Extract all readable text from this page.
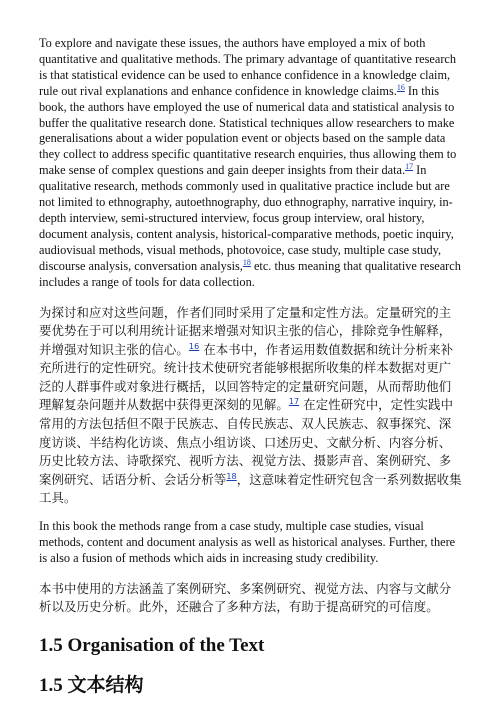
To explore and navigate these issues, the authors have employed a mix of both quantitative and qualitative methods. The primary advantage of quantitative research is that statistical evidence can be used to enhance confidence in a knowledge claim, rule out rival explanations and enhance confidence in knowledge claims.$^{16}$ In this book, the authors have employed the use of numerical data and statistical analysis to buffer the qualitative research done. Statistical techniques allow researchers to make generalisations about a wider population event or objects based on the sample data they collect to address specific quantitative research enquiries, thus allowing them to make sense of complex questions and gain deeper insights from their data.$^{17}$ In qualitative research, methods commonly used in qualitative practice include but are not limited to ethnography, autoethnography, duo ethnography, narrative inquiry, in-depth interview, semi-structured interview, focus group interview, oral history, document analysis, content analysis, historical-comparative methods, poetic inquiry, audiovisual methods, visual methods, photovoice, case study, multiple case study, discourse analysis, conversation analysis,$^{18}$ etc. thus meaning that qualitative research includes a range of tools for data collection.

为探讨和应对这些问题，作者们同时采用了定量和定性方法。定量研究的主要优势在于可以利用统计证据来增强对知识主张的信心，排除竞争性解释，并增强对知识主张的信心。$^{16}$ 在本书中，作者运用数值数据和统计分析来补充所进行的定性研究。统计技术使研究者能够根据所收集的样本数据对更广泛的人群事件或对象进行概括，以回答特定的定量研究问题，从而帮助他们理解复杂问题并从数据中获得更深刻的见解。$^{17}$ 在定性研究中，定性实践中常用的方法包括但不限于民族志、自传民族志、双人民族志、叙事探究、深度访谈、半结构化访谈、焦点小组访谈、口述历史、文献分析、内容分析、历史比较方法、诗歌探究、视听方法、视觉方法、摄影声音、案例研究、多案例研究、话语分析、会话分析等$^{18}$，这意味着定性研究包含一系列数据收集工具。

In this book the methods range from a case study, multiple case studies, visual methods, content and document analysis as well as historical analyses. Further, there is also a fusion of methods which aids in increasing study credibility.

本书中使用的方法涵盖了案例研究、多案例研究、视觉方法、内容与文献分析以及历史分析。此外，还融合了多种方法，有助于提高研究的可信度。

1.5 Organisation of the Text
1.5 文本结构
